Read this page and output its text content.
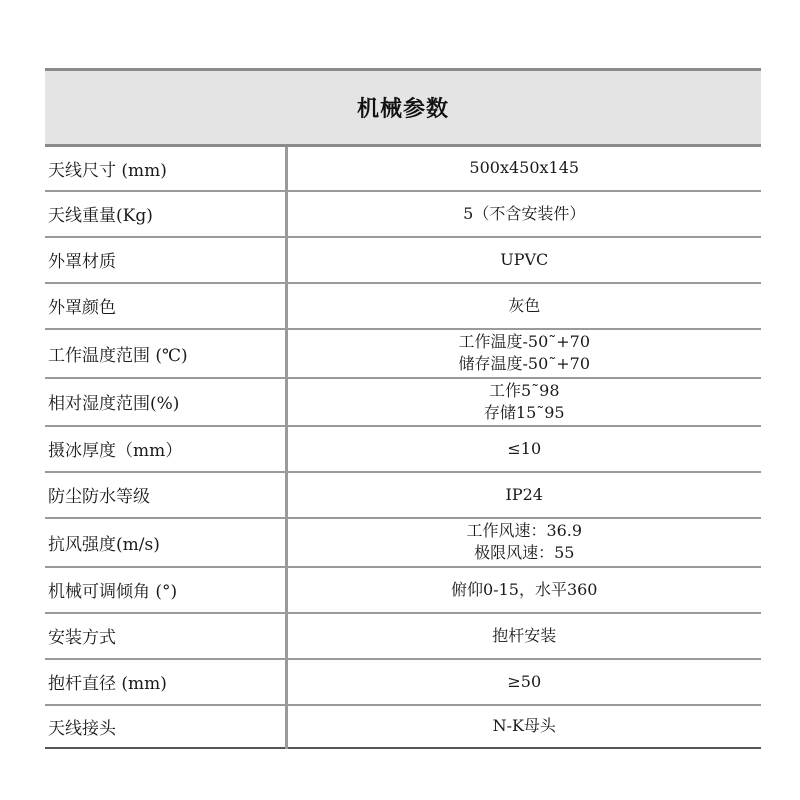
机械参数	
天线尺寸 (mm)	500x450x145

天线重量(Kg)	5（不含安装件）

外罩材质	UPVC

外罩颜色	灰色

工作温度范围 (℃)	工作温度-50˜+70
储存温度-50˜+70

相对湿度范围(%)	工作5˜98
存储15˜95

摄冰厚度（mm）	≤10

防尘防水等级	IP24

抗风强度(m/s)	工作风速：36.9
极限风速：55

机械可调倾角 (°)	俯仰0-15，水平360

安装方式	抱杆安装

抱杆直径 (mm)	≥50

天线接头	N-K母头
